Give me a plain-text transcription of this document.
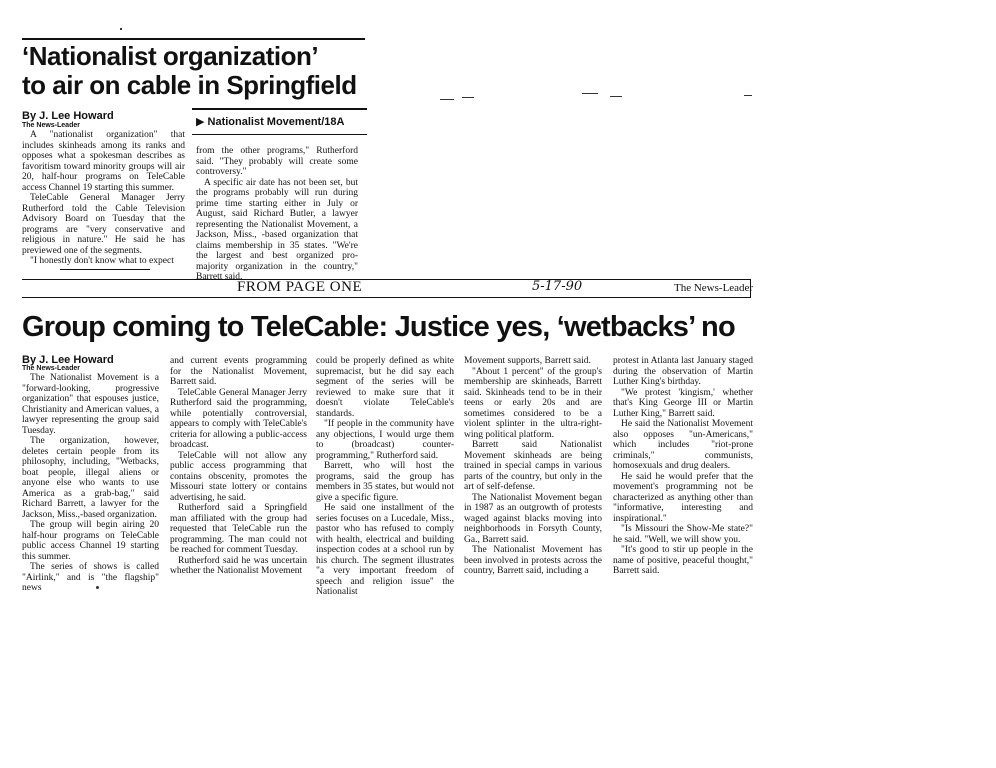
‘Nationalist organization’
to air on cable in Springfield
By J. Lee Howard
The News-Leader	▶ Nationalist Movement/18A

A "nationalist organization" that includes skinheads among its ranks and opposes what a spokesman describes as favoritism toward minority groups will air 20, half-hour programs on TeleCable access Channel 19 starting this summer.

TeleCable General Manager Jerry Rutherford told the Cable Television Advisory Board on Tuesday that the programs are "very conservative and religious in nature." He said he has previewed one of the segments.

"I honestly don't know what to expect

from the other programs," Rutherford said. "They probably will create some controversy."

A specific air date has not been set, but the programs probably will run during prime time starting either in July or August, said Richard Butler, a lawyer representing the Nationalist Movement, a Jackson, Miss., -based organization that claims membership in 35 states. "We're the largest and best organized pro-majority organization in the country," Barrett said.

FROM PAGE ONE	5-17-90	The News-Leader
Group coming to TeleCable: Justice yes, ‘wetbacks’ no
By J. Lee Howard
The News-Leader

The Nationalist Movement is a "forward-looking, progressive organization" that espouses justice, Christianity and American values, a lawyer representing the group said Tuesday.

The organization, however, deletes certain people from its philosophy, including, "Wetbacks, boat people, illegal aliens or anyone else who wants to use America as a grab-bag," said Richard Barrett, a lawyer for the Jackson, Miss.,-based organization.

The group will begin airing 20 half-hour programs on TeleCable public access Channel 19 starting this summer.

The series of shows is called "Airlink," and is "the flagship" news

and current events programming for the Nationalist Movement, Barrett said.

TeleCable General Manager Jerry Rutherford said the programming, while potentially controversial, appears to comply with TeleCable's criteria for allowing a public-access broadcast.

TeleCable will not allow any public access programming that contains obscenity, promotes the Missouri state lottery or contains advertising, he said.

Rutherford said a Springfield man affiliated with the group had requested that TeleCable run the programming. The man could not be reached for comment Tuesday.

Rutherford said he was uncertain whether the Nationalist Movement

could be properly defined as white supremacist, but he did say each segment of the series will be reviewed to make sure that it doesn't violate TeleCable's standards.

"If people in the community have any objections, I would urge them to (broadcast) counter-programming," Rutherford said.

Barrett, who will host the programs, said the group has members in 35 states, but would not give a specific figure.

He said one installment of the series focuses on a Lucedale, Miss., pastor who has refused to comply with health, electrical and building inspection codes at a school run by his church. The segment illustrates "a very important freedom of speech and religion issue" the Nationalist

Movement supports, Barrett said.

"About 1 percent" of the group's membership are skinheads, Barrett said. Skinheads tend to be in their teens or early 20s and are sometimes considered to be a violent splinter in the ultra-right-wing political platform.

Barrett said Nationalist Movement skinheads are being trained in special camps in various parts of the country, but only in the art of self-defense.

The Nationalist Movement began in 1987 as an outgrowth of protests waged against blacks moving into neighborhoods in Forsyth County, Ga., Barrett said.

The Nationalist Movement has been involved in protests across the country, Barrett said, including a

protest in Atlanta last January staged during the observation of Martin Luther King's birthday.

"We protest 'kingism,' whether that's King George III or Martin Luther King," Barrett said.

He said the Nationalist Movement also opposes "un-Americans," which includes "riot-prone criminals," communists, homosexuals and drug dealers.

He said he would prefer that the movement's programming not be characterized as anything other than "informative, interesting and inspirational."

"Is Missouri the Show-Me state?" he said. "Well, we will show you.

"It's good to stir up people in the name of positive, peaceful thought," Barrett said.
